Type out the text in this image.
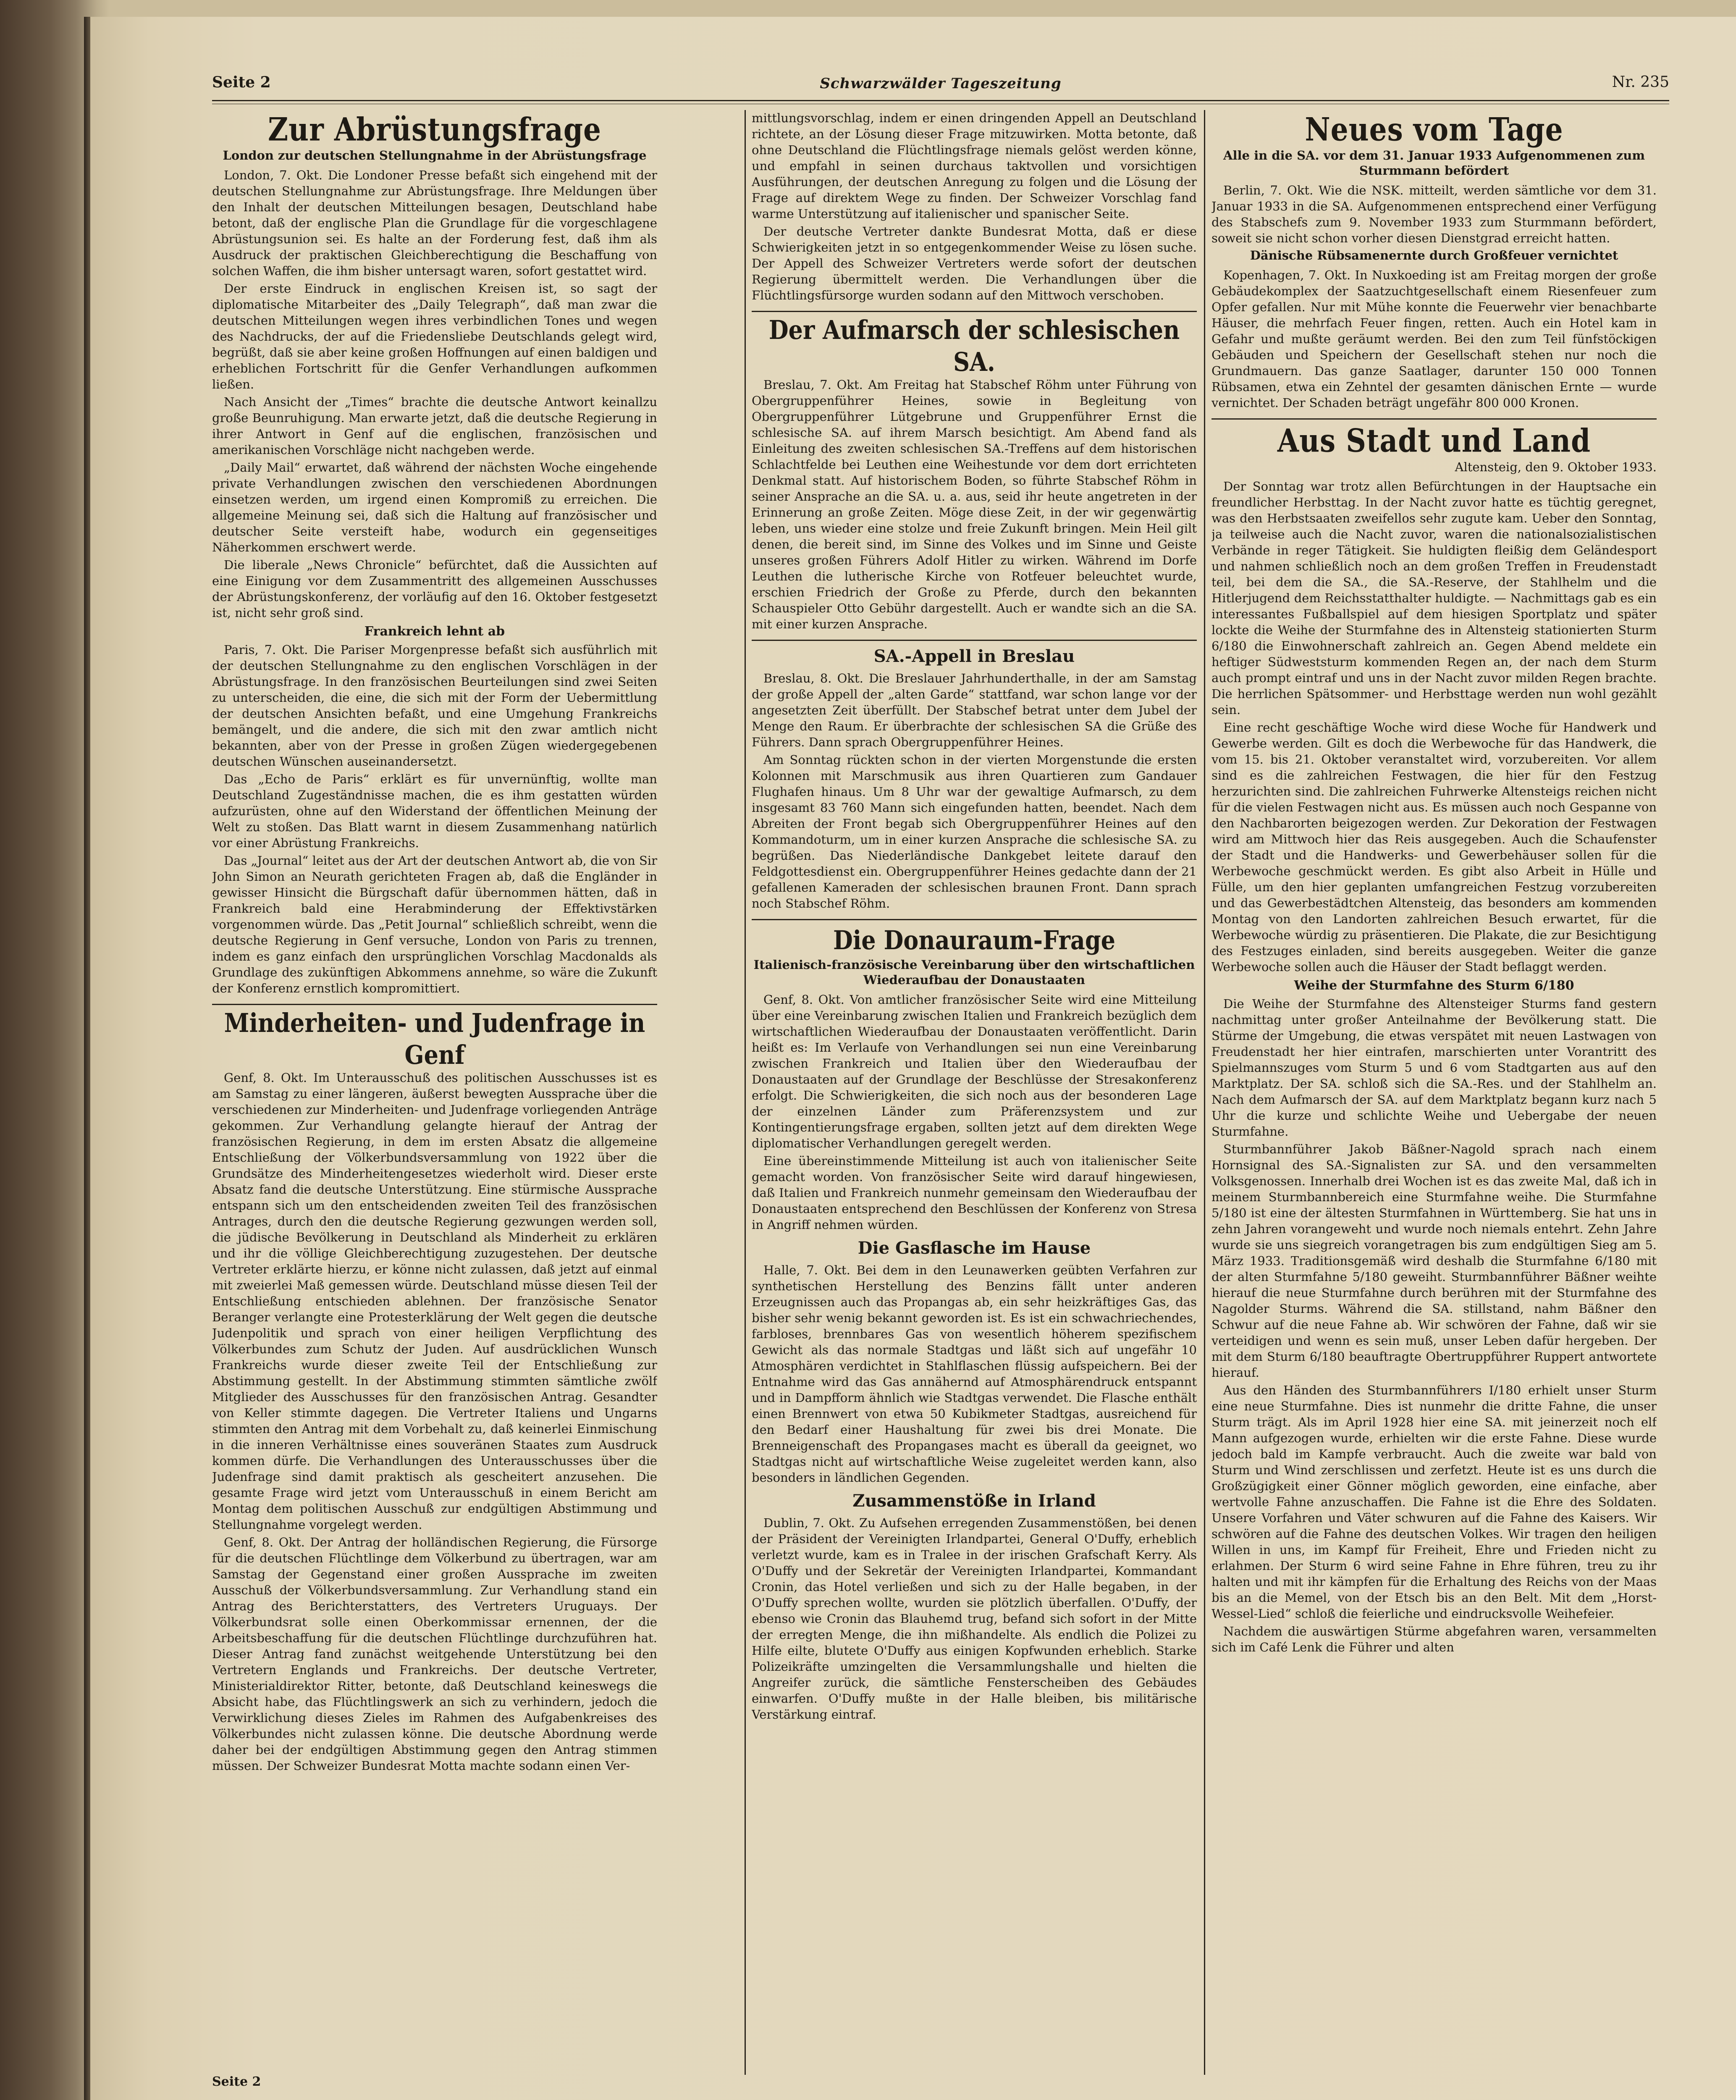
Seite 2	Schwarzwälder Tageszeitung	Nr. 235
Zur Abrüstungsfrage
London zur deutschen Stellungnahme in der Abrüstungsfrage

London, 7. Okt. Die Londoner Presse befaßt sich eingehend mit der deutschen Stellungnahme zur Abrüstungsfrage. Ihre Meldungen über den Inhalt der deutschen Mitteilungen besagen, Deutschland habe betont, daß der englische Plan die Grundlage für die vorgeschlagene Abrüstungsunion sei. Es halte an der Forderung fest, daß ihm als Ausdruck der praktischen Gleichberechtigung die Beschaffung von solchen Waffen, die ihm bisher untersagt waren, sofort gestattet wird.

Der erste Eindruck in englischen Kreisen ist, so sagt der diplomatische Mitarbeiter des „Daily Telegraph“, daß man zwar die deutschen Mitteilungen wegen ihres verbindlichen Tones und wegen des Nachdrucks, der auf die Friedensliebe Deutschlands gelegt wird, begrüßt, daß sie aber keine großen Hoffnungen auf einen baldigen und erheblichen Fortschritt für die Genfer Verhandlungen aufkommen ließen.

Nach Ansicht der „Times“ brachte die deutsche Antwort keinallzu große Beunruhigung. Man erwarte jetzt, daß die deutsche Regierung in ihrer Antwort in Genf auf die englischen, französischen und amerikanischen Vorschläge nicht nachgeben werde.

„Daily Mail“ erwartet, daß während der nächsten Woche eingehende private Verhandlungen zwischen den verschiedenen Abordnungen einsetzen werden, um irgend einen Kompromiß zu erreichen. Die allgemeine Meinung sei, daß sich die Haltung auf französischer und deutscher Seite versteift habe, wodurch ein gegenseitiges Näherkommen erschwert werde.

Die liberale „News Chronicle“ befürchtet, daß die Aussichten auf eine Einigung vor dem Zusammentritt des allgemeinen Ausschusses der Abrüstungskonferenz, der vorläufig auf den 16. Oktober festgesetzt ist, nicht sehr groß sind.

Frankreich lehnt ab

Paris, 7. Okt. Die Pariser Morgenpresse befaßt sich ausführlich mit der deutschen Stellungnahme zu den englischen Vorschlägen in der Abrüstungsfrage. In den französischen Beurteilungen sind zwei Seiten zu unterscheiden, die eine, die sich mit der Form der Uebermittlung der deutschen Ansichten befaßt, und eine Umgehung Frankreichs bemängelt, und die andere, die sich mit den zwar amtlich nicht bekannten, aber von der Presse in großen Zügen wiedergegebenen deutschen Wünschen auseinandersetzt.

Das „Echo de Paris“ erklärt es für unvernünftig, wollte man Deutschland Zugeständnisse machen, die es ihm gestatten würden aufzurüsten, ohne auf den Widerstand der öffentlichen Meinung der Welt zu stoßen. Das Blatt warnt in diesem Zusammenhang natürlich vor einer Abrüstung Frankreichs.

Das „Journal“ leitet aus der Art der deutschen Antwort ab, die von Sir John Simon an Neurath gerichteten Fragen ab, daß die Engländer in gewisser Hinsicht die Bürgschaft dafür übernommen hätten, daß in Frankreich bald eine Herabminderung der Effektivstärken vorgenommen würde. Das „Petit Journal“ schließlich schreibt, wenn die deutsche Regierung in Genf versuche, London von Paris zu trennen, indem es ganz einfach den ursprünglichen Vorschlag Macdonalds als Grundlage des zukünftigen Abkommens annehme, so wäre die Zukunft der Konferenz ernstlich kompromittiert.

Minderheiten- und Judenfrage in Genf

Genf, 8. Okt. Im Unterausschuß des politischen Ausschusses ist es am Samstag zu einer längeren, äußerst bewegten Aussprache über die verschiedenen zur Minderheiten- und Judenfrage vorliegenden Anträge gekommen. Zur Verhandlung gelangte hierauf der Antrag der französischen Regierung, in dem im ersten Absatz die allgemeine Entschließung der Völkerbundsversammlung von 1922 über die Grundsätze des Minderheitengesetzes wiederholt wird. Dieser erste Absatz fand die deutsche Unterstützung. Eine stürmische Aussprache entspann sich um den entscheidenden zweiten Teil des französischen Antrages, durch den die deutsche Regierung gezwungen werden soll, die jüdische Bevölkerung in Deutschland als Minderheit zu erklären und ihr die völlige Gleichberechtigung zuzugestehen. Der deutsche Vertreter erklärte hierzu, er könne nicht zulassen, daß jetzt auf einmal mit zweierlei Maß gemessen würde. Deutschland müsse diesen Teil der Entschließung entschieden ablehnen. Der französische Senator Beranger verlangte eine Protesterklärung der Welt gegen die deutsche Judenpolitik und sprach von einer heiligen Verpflichtung des Völkerbundes zum Schutz der Juden. Auf ausdrücklichen Wunsch Frankreichs wurde dieser zweite Teil der Entschließung zur Abstimmung gestellt. In der Abstimmung stimmten sämtliche zwölf Mitglieder des Ausschusses für den französischen Antrag. Gesandter von Keller stimmte dagegen. Die Vertreter Italiens und Ungarns stimmten den Antrag mit dem Vorbehalt zu, daß keinerlei Einmischung in die inneren Verhältnisse eines souveränen Staates zum Ausdruck kommen dürfe. Die Verhandlungen des Unterausschusses über die Judenfrage sind damit praktisch als gescheitert anzusehen. Die gesamte Frage wird jetzt vom Unterausschuß in einem Bericht am Montag dem politischen Ausschuß zur endgültigen Abstimmung und Stellungnahme vorgelegt werden.

Genf, 8. Okt. Der Antrag der holländischen Regierung, die Fürsorge für die deutschen Flüchtlinge dem Völkerbund zu übertragen, war am Samstag der Gegenstand einer großen Aussprache im zweiten Ausschuß der Völkerbundsversammlung. Zur Verhandlung stand ein Antrag des Berichterstatters, des Vertreters Uruguays. Der Völkerbundsrat solle einen Oberkommissar ernennen, der die Arbeitsbeschaffung für die deutschen Flüchtlinge durchzuführen hat. Dieser Antrag fand zunächst weitgehende Unterstützung bei den Vertretern Englands und Frankreichs. Der deutsche Vertreter, Ministerialdirektor Ritter, betonte, daß Deutschland keineswegs die Absicht habe, das Flüchtlingswerk an sich zu verhindern, jedoch die Verwirklichung dieses Zieles im Rahmen des Aufgabenkreises des Völkerbundes nicht zulassen könne. Die deutsche Abordnung werde daher bei der endgültigen Abstimmung gegen den Antrag stimmen müssen. Der Schweizer Bundesrat Motta machte sodann einen Ver-

mittlungsvorschlag, indem er einen dringenden Appell an Deutschland richtete, an der Lösung dieser Frage mitzuwirken. Motta betonte, daß ohne Deutschland die Flüchtlingsfrage niemals gelöst werden könne, und empfahl in seinen durchaus taktvollen und vorsichtigen Ausführungen, der deutschen Anregung zu folgen und die Lösung der Frage auf direktem Wege zu finden. Der Schweizer Vorschlag fand warme Unterstützung auf italienischer und spanischer Seite.

Der deutsche Vertreter dankte Bundesrat Motta, daß er diese Schwierigkeiten jetzt in so entgegenkommender Weise zu lösen suche. Der Appell des Schweizer Vertreters werde sofort der deutschen Regierung übermittelt werden. Die Verhandlungen über die Flüchtlingsfürsorge wurden sodann auf den Mittwoch verschoben.

Der Aufmarsch der schlesischen SA.

Breslau, 7. Okt. Am Freitag hat Stabschef Röhm unter Führung von Obergruppenführer Heines, sowie in Begleitung von Obergruppenführer Lütgebrune und Gruppenführer Ernst die schlesische SA. auf ihrem Marsch besichtigt. Am Abend fand als Einleitung des zweiten schlesischen SA.-Treffens auf dem historischen Schlachtfelde bei Leuthen eine Weihestunde vor dem dort errichteten Denkmal statt. Auf historischem Boden, so führte Stabschef Röhm in seiner Ansprache an die SA. u. a. aus, seid ihr heute angetreten in der Erinnerung an große Zeiten. Möge diese Zeit, in der wir gegenwärtig leben, uns wieder eine stolze und freie Zukunft bringen. Mein Heil gilt denen, die bereit sind, im Sinne des Volkes und im Sinne und Geiste unseres großen Führers Adolf Hitler zu wirken. Während im Dorfe Leuthen die lutherische Kirche von Rotfeuer beleuchtet wurde, erschien Friedrich der Große zu Pferde, durch den bekannten Schauspieler Otto Gebühr dargestellt. Auch er wandte sich an die SA. mit einer kurzen Ansprache.

SA.-Appell in Breslau

Breslau, 8. Okt. Die Breslauer Jahrhunderthalle, in der am Samstag der große Appell der „alten Garde“ stattfand, war schon lange vor der angesetzten Zeit überfüllt. Der Stabschef betrat unter dem Jubel der Menge den Raum. Er überbrachte der schlesischen SA die Grüße des Führers. Dann sprach Obergruppenführer Heines.

Am Sonntag rückten schon in der vierten Morgenstunde die ersten Kolonnen mit Marschmusik aus ihren Quartieren zum Gandauer Flughafen hinaus. Um 8 Uhr war der gewaltige Aufmarsch, zu dem insgesamt 83 760 Mann sich eingefunden hatten, beendet. Nach dem Abreiten der Front begab sich Obergruppenführer Heines auf den Kommandoturm, um in einer kurzen Ansprache die schlesische SA. zu begrüßen. Das Niederländische Dankgebet leitete darauf den Feldgottesdienst ein. Obergruppenführer Heines gedachte dann der 21 gefallenen Kameraden der schlesischen braunen Front. Dann sprach noch Stabschef Röhm.

Die Donauraum-Frage
Italienisch-französische Vereinbarung über den wirtschaftlichen Wiederaufbau der Donaustaaten

Genf, 8. Okt. Von amtlicher französischer Seite wird eine Mitteilung über eine Vereinbarung zwischen Italien und Frankreich bezüglich dem wirtschaftlichen Wiederaufbau der Donaustaaten veröffentlicht. Darin heißt es: Im Verlaufe von Verhandlungen sei nun eine Vereinbarung zwischen Frankreich und Italien über den Wiederaufbau der Donaustaaten auf der Grundlage der Beschlüsse der Stresakonferenz erfolgt. Die Schwierigkeiten, die sich noch aus der besonderen Lage der einzelnen Länder zum Präferenzsystem und zur Kontingentierungsfrage ergaben, sollten jetzt auf dem direkten Wege diplomatischer Verhandlungen geregelt werden.

Eine übereinstimmende Mitteilung ist auch von italienischer Seite gemacht worden. Von französischer Seite wird darauf hingewiesen, daß Italien und Frankreich nunmehr gemeinsam den Wiederaufbau der Donaustaaten entsprechend den Beschlüssen der Konferenz von Stresa in Angriff nehmen würden.

Die Gasflasche im Hause

Halle, 7. Okt. Bei dem in den Leunawerken geübten Verfahren zur synthetischen Herstellung des Benzins fällt unter anderen Erzeugnissen auch das Propangas ab, ein sehr heizkräftiges Gas, das bisher sehr wenig bekannt geworden ist. Es ist ein schwachriechendes, farbloses, brennbares Gas von wesentlich höherem spezifischem Gewicht als das normale Stadtgas und läßt sich auf ungefähr 10 Atmosphären verdichtet in Stahlflaschen flüssig aufspeichern. Bei der Entnahme wird das Gas annähernd auf Atmosphärendruck entspannt und in Dampfform ähnlich wie Stadtgas verwendet. Die Flasche enthält einen Brennwert von etwa 50 Kubikmeter Stadtgas, ausreichend für den Bedarf einer Haushaltung für zwei bis drei Monate. Die Brenneigenschaft des Propangases macht es überall da geeignet, wo Stadtgas nicht auf wirtschaftliche Weise zugeleitet werden kann, also besonders in ländlichen Gegenden.

Zusammenstöße in Irland

Dublin, 7. Okt. Zu Aufsehen erregenden Zusammenstößen, bei denen der Präsident der Vereinigten Irlandpartei, General O'Duffy, erheblich verletzt wurde, kam es in Tralee in der irischen Grafschaft Kerry. Als O'Duffy und der Sekretär der Vereinigten Irlandpartei, Kommandant Cronin, das Hotel verließen und sich zu der Halle begaben, in der O'Duffy sprechen wollte, wurden sie plötzlich überfallen. O'Duffy, der ebenso wie Cronin das Blauhemd trug, befand sich sofort in der Mitte der erregten Menge, die ihn mißhandelte. Als endlich die Polizei zu Hilfe eilte, blutete O'Duffy aus einigen Kopfwunden erheblich. Starke Polizeikräfte umzingelten die Versammlungshalle und hielten die Angreifer zurück, die sämtliche Fensterscheiben des Gebäudes einwarfen. O'Duffy mußte in der Halle bleiben, bis militärische Verstärkung eintraf.

Neues vom Tage
Alle in die SA. vor dem 31. Januar 1933 Aufgenommenen zum Sturmmann befördert

Berlin, 7. Okt. Wie die NSK. mitteilt, werden sämtliche vor dem 31. Januar 1933 in die SA. Aufgenommenen entsprechend einer Verfügung des Stabschefs zum 9. November 1933 zum Sturmmann befördert, soweit sie nicht schon vorher diesen Dienstgrad erreicht hatten.

Dänische Rübsamenernte durch Großfeuer vernichtet

Kopenhagen, 7. Okt. In Nuxkoeding ist am Freitag morgen der große Gebäudekomplex der Saatzuchtgesellschaft einem Riesenfeuer zum Opfer gefallen. Nur mit Mühe konnte die Feuerwehr vier benachbarte Häuser, die mehrfach Feuer fingen, retten. Auch ein Hotel kam in Gefahr und mußte geräumt werden. Bei den zum Teil fünfstöckigen Gebäuden und Speichern der Gesellschaft stehen nur noch die Grundmauern. Das ganze Saatlager, darunter 150 000 Tonnen Rübsamen, etwa ein Zehntel der gesamten dänischen Ernte — wurde vernichtet. Der Schaden beträgt ungefähr 800 000 Kronen.

Aus Stadt und Land
Altensteig, den 9. Oktober 1933.

Der Sonntag war trotz allen Befürchtungen in der Hauptsache ein freundlicher Herbsttag. In der Nacht zuvor hatte es tüchtig geregnet, was den Herbstsaaten zweifellos sehr zugute kam. Ueber den Sonntag, ja teilweise auch die Nacht zuvor, waren die nationalsozialistischen Verbände in reger Tätigkeit. Sie huldigten fleißig dem Geländesport und nahmen schließlich noch an dem großen Treffen in Freudenstadt teil, bei dem die SA., die SA.-Reserve, der Stahlhelm und die Hitlerjugend dem Reichsstatthalter huldigte. — Nachmittags gab es ein interessantes Fußballspiel auf dem hiesigen Sportplatz und später lockte die Weihe der Sturmfahne des in Altensteig stationierten Sturm 6/180 die Einwohnerschaft zahlreich an. Gegen Abend meldete ein heftiger Südweststurm kommenden Regen an, der nach dem Sturm auch prompt eintraf und uns in der Nacht zuvor milden Regen brachte. Die herrlichen Spätsommer- und Herbsttage werden nun wohl gezählt sein.

Eine recht geschäftige Woche wird diese Woche für Handwerk und Gewerbe werden. Gilt es doch die Werbewoche für das Handwerk, die vom 15. bis 21. Oktober veranstaltet wird, vorzubereiten. Vor allem sind es die zahlreichen Festwagen, die hier für den Festzug herzurichten sind. Die zahlreichen Fuhrwerke Altensteigs reichen nicht für die vielen Festwagen nicht aus. Es müssen auch noch Gespanne von den Nachbarorten beigezogen werden. Zur Dekoration der Festwagen wird am Mittwoch hier das Reis ausgegeben. Auch die Schaufenster der Stadt und die Handwerks- und Gewerbehäuser sollen für die Werbewoche geschmückt werden. Es gibt also Arbeit in Hülle und Fülle, um den hier geplanten umfangreichen Festzug vorzubereiten und das Gewerbestädtchen Altensteig, das besonders am kommenden Montag von den Landorten zahlreichen Besuch erwartet, für die Werbewoche würdig zu präsentieren. Die Plakate, die zur Besichtigung des Festzuges einladen, sind bereits ausgegeben. Weiter die ganze Werbewoche sollen auch die Häuser der Stadt beflaggt werden.

Weihe der Sturmfahne des Sturm 6/180

Die Weihe der Sturmfahne des Altensteiger Sturms fand gestern nachmittag unter großer Anteilnahme der Bevölkerung statt. Die Stürme der Umgebung, die etwas verspätet mit neuen Lastwagen von Freudenstadt her hier eintrafen, marschierten unter Vorantritt des Spielmannszuges vom Sturm 5 und 6 vom Stadtgarten aus auf den Marktplatz. Der SA. schloß sich die SA.-Res. und der Stahlhelm an. Nach dem Aufmarsch der SA. auf dem Marktplatz begann kurz nach 5 Uhr die kurze und schlichte Weihe und Uebergabe der neuen Sturmfahne.

Sturmbannführer Jakob Bäßner-Nagold sprach nach einem Hornsignal des SA.-Signalisten zur SA. und den versammelten Volksgenossen. Innerhalb drei Wochen ist es das zweite Mal, daß ich in meinem Sturmbannbereich eine Sturmfahne weihe. Die Sturmfahne 5/180 ist eine der ältesten Sturmfahnen in Württemberg. Sie hat uns in zehn Jahren vorangeweht und wurde noch niemals entehrt. Zehn Jahre wurde sie uns siegreich vorangetragen bis zum endgültigen Sieg am 5. März 1933. Traditionsgemäß wird deshalb die Sturmfahne 6/180 mit der alten Sturmfahne 5/180 geweiht. Sturmbannführer Bäßner weihte hierauf die neue Sturmfahne durch berühren mit der Sturmfahne des Nagolder Sturms. Während die SA. stillstand, nahm Bäßner den Schwur auf die neue Fahne ab. Wir schwören der Fahne, daß wir sie verteidigen und wenn es sein muß, unser Leben dafür hergeben. Der mit dem Sturm 6/180 beauftragte Obertruppführer Ruppert antwortete hierauf.

Aus den Händen des Sturmbannführers I/180 erhielt unser Sturm eine neue Sturmfahne. Dies ist nunmehr die dritte Fahne, die unser Sturm trägt. Als im April 1928 hier eine SA. mit jeinerzeit noch elf Mann aufgezogen wurde, erhielten wir die erste Fahne. Diese wurde jedoch bald im Kampfe verbraucht. Auch die zweite war bald von Sturm und Wind zerschlissen und zerfetzt. Heute ist es uns durch die Großzügigkeit einer Gönner möglich geworden, eine einfache, aber wertvolle Fahne anzuschaffen. Die Fahne ist die Ehre des Soldaten. Unsere Vorfahren und Väter schwuren auf die Fahne des Kaisers. Wir schwören auf die Fahne des deutschen Volkes. Wir tragen den heiligen Willen in uns, im Kampf für Freiheit, Ehre und Frieden nicht zu erlahmen. Der Sturm 6 wird seine Fahne in Ehre führen, treu zu ihr halten und mit ihr kämpfen für die Erhaltung des Reichs von der Maas bis an die Memel, von der Etsch bis an den Belt. Mit dem „Horst-Wessel-Lied“ schloß die feierliche und eindrucksvolle Weihefeier.

Nachdem die auswärtigen Stürme abgefahren waren, versammelten sich im Café Lenk die Führer und alten

Seite 2
